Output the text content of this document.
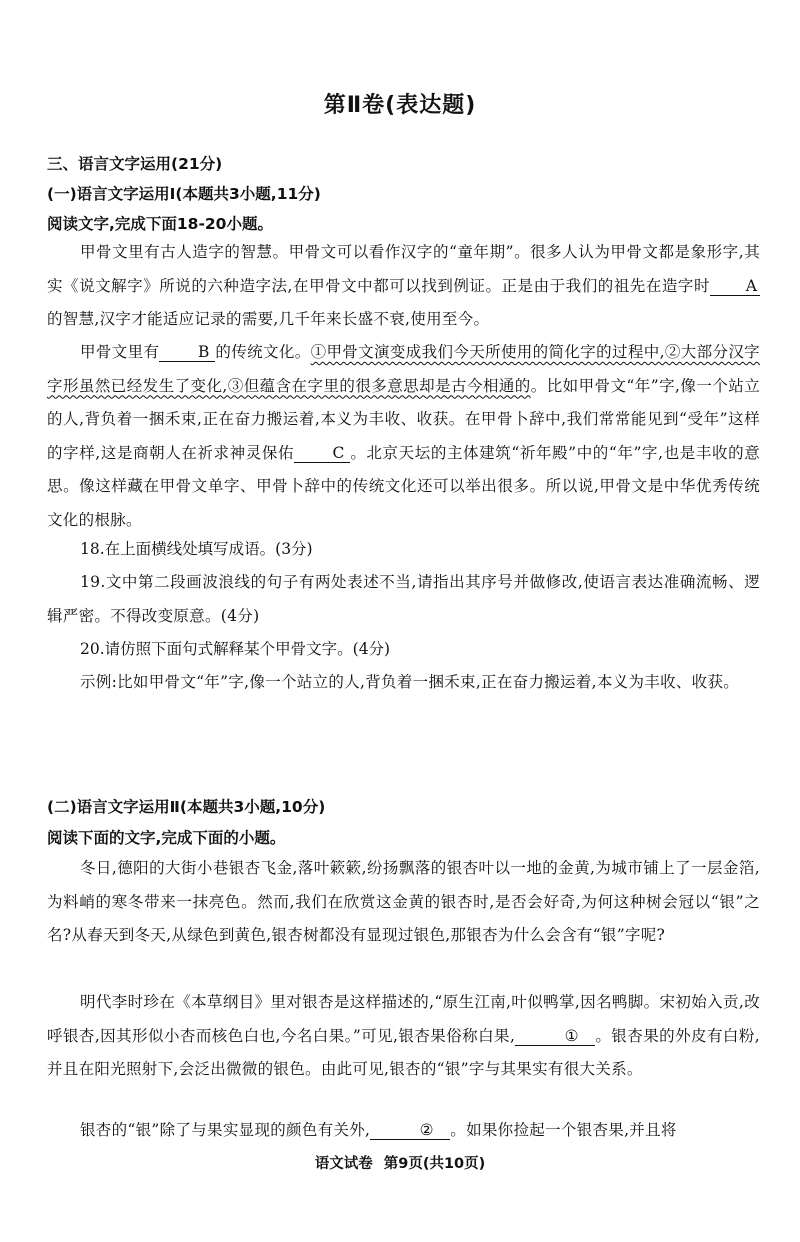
第Ⅱ卷(表达题)
三、语言文字运用(21分)
(一)语言文字运用Ⅰ(本题共3小题,11分)
阅读文字,完成下面18-20小题。
甲骨文里有古人造字的智慧。甲骨文可以看作汉字的“童年期”。很多人认为甲骨文都是象形字,其实《说文解字》所说的六种造字法,在甲骨文中都可以找到例证。正是由于我们的祖先在造字时 A的智慧,汉字才能适应记录的需要,几千年来长盛不衰,使用至今。
甲骨文里有 B 的传统文化。①甲骨文演变成我们今天所使用的简化字的过程中,②大部分汉字字形虽然已经发生了变化,③但蕴含在字里的很多意思却是古今相通的。比如甲骨文“年”字,像一个站立的人,背负着一捆禾束,正在奋力搬运着,本义为丰收、收获。在甲骨卜辞中,我们常常能见到“受年”这样的字样,这是商朝人在祈求神灵保佑 C 。北京天坛的主体建筑“祈年殿”中的“年”字,也是丰收的意思。像这样藏在甲骨文单字、甲骨卜辞中的传统文化还可以举出很多。所以说,甲骨文是中华优秀传统文化的根脉。
18.在上面横线处填写成语。(3分)
19.文中第二段画波浪线的句子有两处表述不当,请指出其序号并做修改,使语言表达准确流畅、逻辑严密。不得改变原意。(4分)
20.请仿照下面句式解释某个甲骨文字。(4分)
示例:比如甲骨文“年”字,像一个站立的人,背负着一捆禾束,正在奋力搬运着,本义为丰收、收获。
(二)语言文字运用Ⅱ(本题共3小题,10分)
阅读下面的文字,完成下面的小题。
冬日,德阳的大街小巷银杏飞金,落叶簌簌,纷扬飘落的银杏叶以一地的金黄,为城市铺上了一层金箔,为料峭的寒冬带来一抹亮色。然而,我们在欣赏这金黄的银杏时,是否会好奇,为何这种树会冠以“银”之名?从春天到冬天,从绿色到黄色,银杏树都没有显现过银色,那银杏为什么会含有“银”字呢?
明代李时珍在《本草纲目》里对银杏是这样描述的,“原生江南,叶似鸭掌,因名鸭脚。宋初始入贡,改呼银杏,因其形似小杏而核色白也,今名白果。”可见,银杏果俗称白果,	① 。银杏果的外皮有白粉,并且在阳光照射下,会泛出微微的银色。由此可见,银杏的“银”字与其果实有很大关系。
银杏的“银”除了与果实显现的颜色有关外,	② 。如果你捡起一个银杏果,并且将
语文试卷 第9页(共10页)
